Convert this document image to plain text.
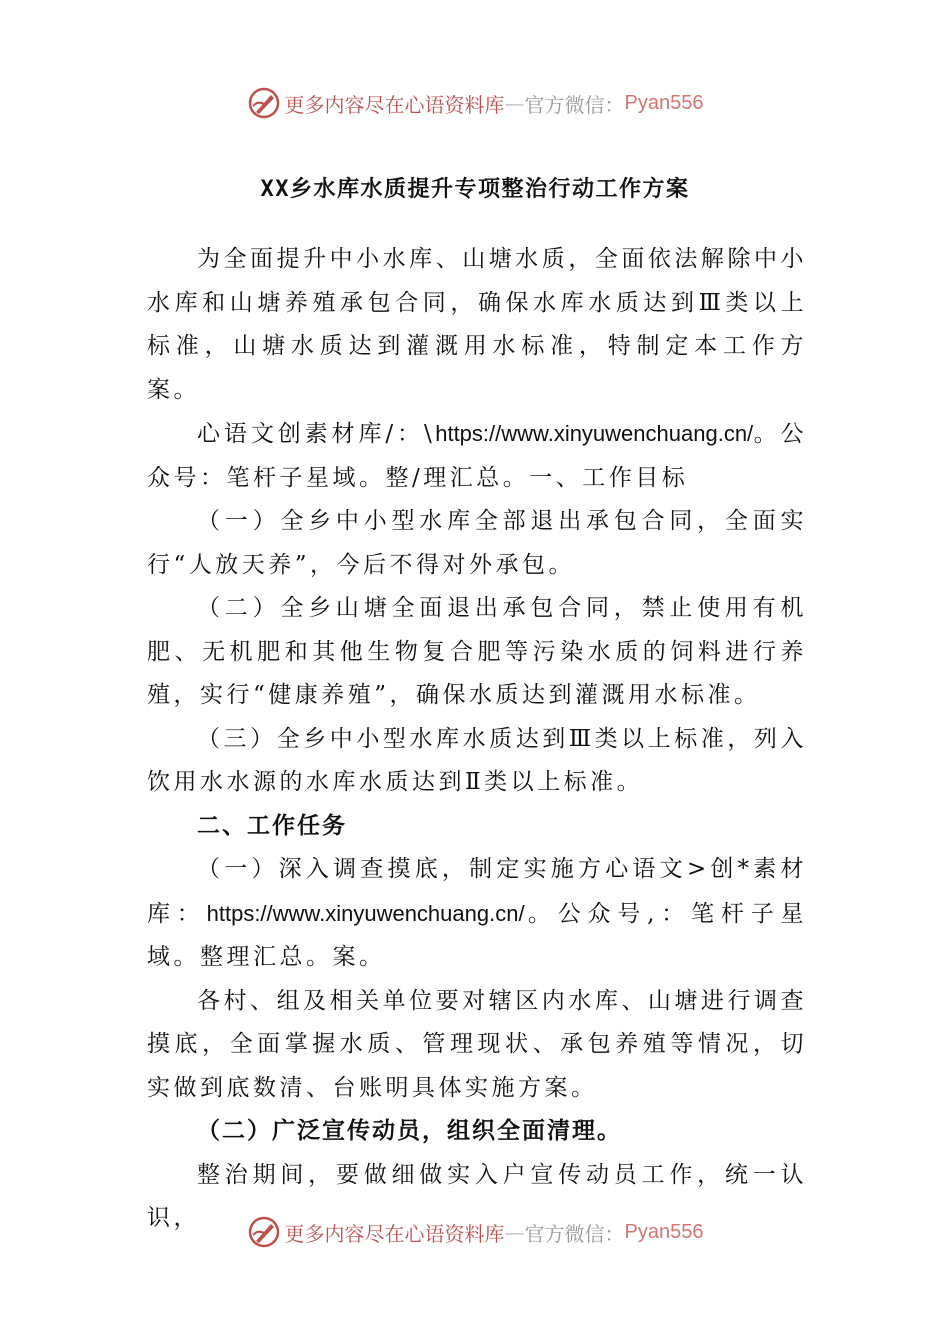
更多内容尽在心语资料库 — 官方微信： Pyan556
XX乡水库水质提升专项整治行动工作方案

为全面提升中小水库、山塘水质，全面依法解除中小水库和山塘养殖承包合同，确保水库水质达到Ⅲ类以上标准，山塘水质达到灌溉用水标准，特制定本工作方案。

心语文创素材库/：\https://www.xinyuwenchuang.cn/。公众号：笔杆子星域。整/理汇总。一、工作目标

（一）全乡中小型水库全部退出承包合同，全面实行“人放天养”，今后不得对外承包。

（二）全乡山塘全面退出承包合同，禁止使用有机肥、无机肥和其他生物复合肥等污染水质的饲料进行养殖，实行“健康养殖”，确保水质达到灌溉用水标准。

（三）全乡中小型水库水质达到Ⅲ类以上标准，列入饮用水水源的水库水质达到Ⅱ类以上标准。

二、工作任务

（一）深入调查摸底，制定实施方心语文>创*素材库：https://www.xinyuwenchuang.cn/。公众号,：笔杆子星域。整理汇总。案。

各村、组及相关单位要对辖区内水库、山塘进行调查摸底，全面掌握水质、管理现状、承包养殖等情况，切实做到底数清、台账明具体实施方案。

（二）广泛宣传动员，组织全面清理。

整治期间，要做细做实入户宣传动员工作，统一认识，

更多内容尽在心语资料库 — 官方微信： Pyan556
